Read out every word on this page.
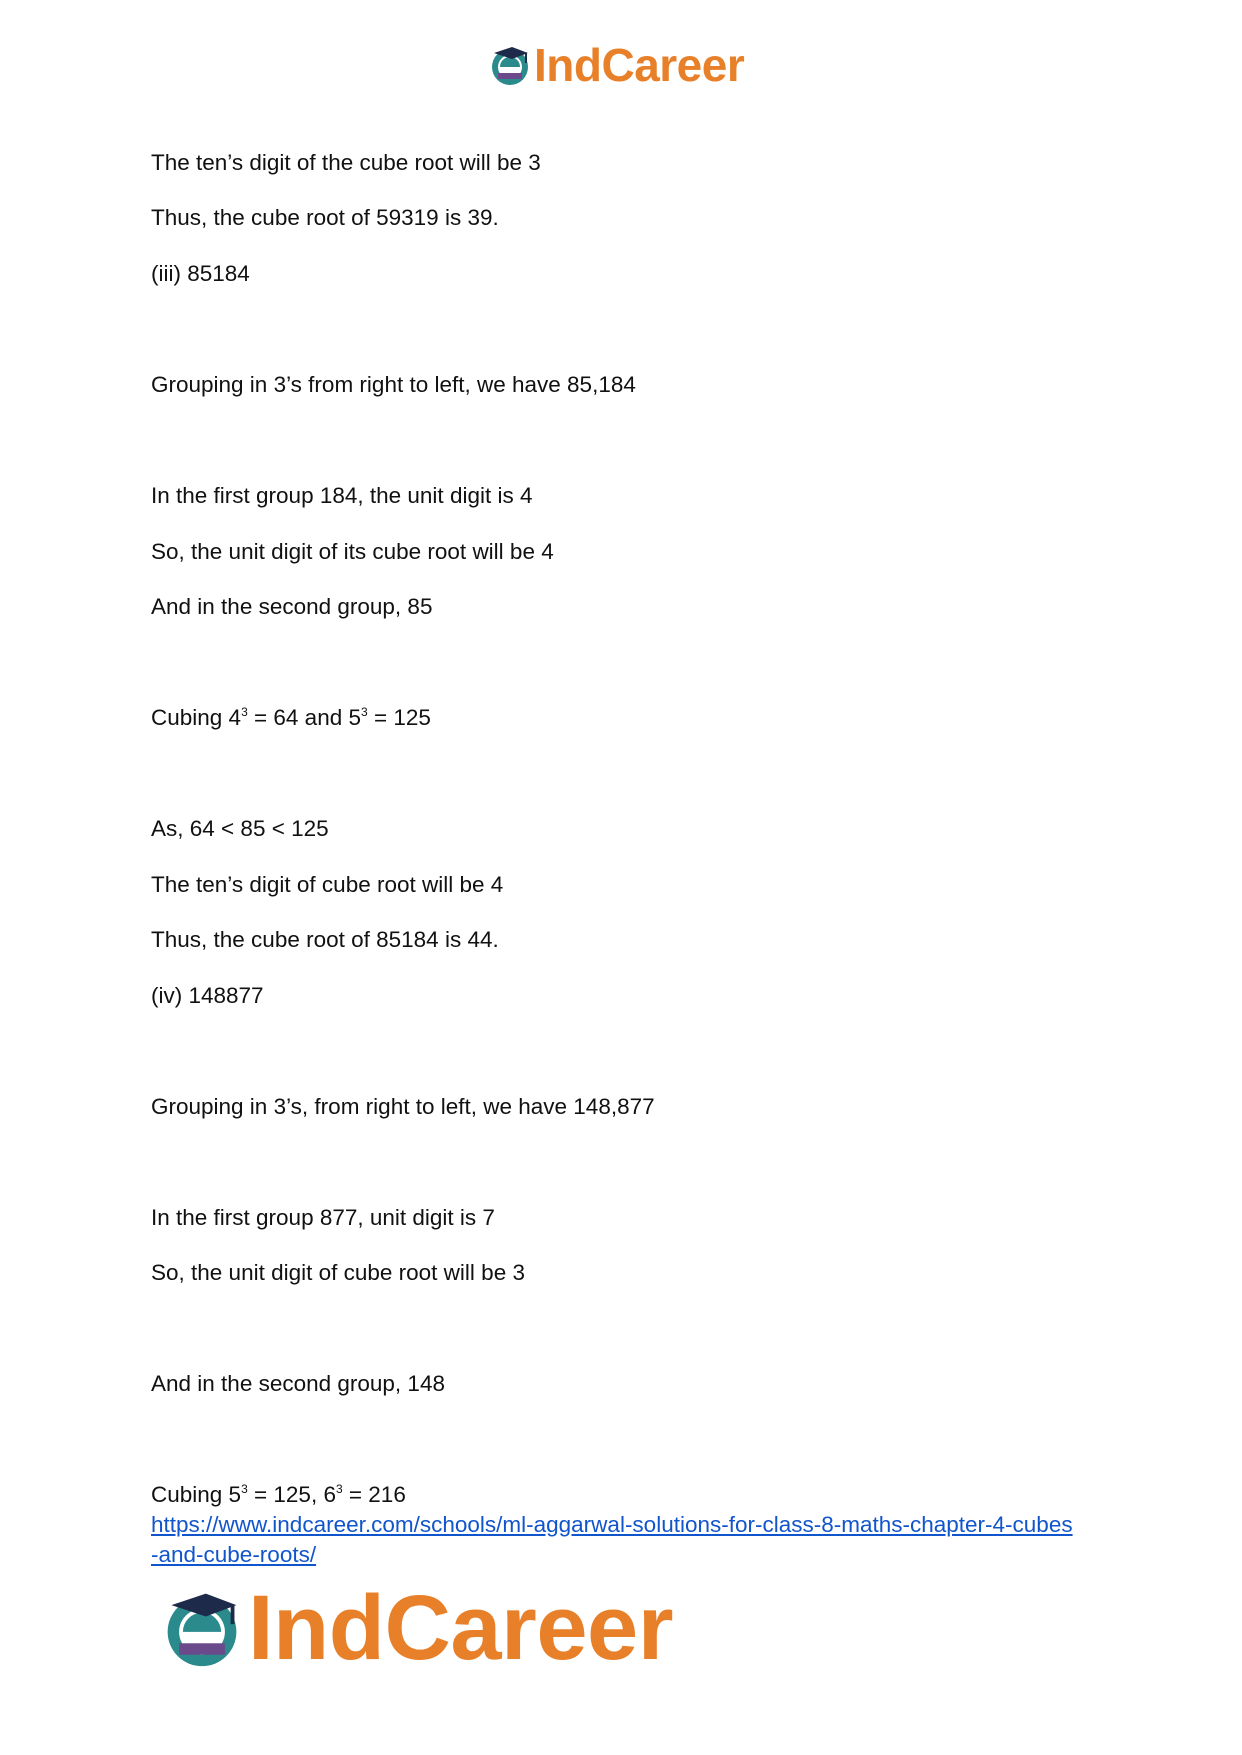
IndCareer
The ten’s digit of the cube root will be 3
Thus, the cube root of 59319 is 39.
(iii) 85184
Grouping in 3’s from right to left, we have 85,184
In the first group 184, the unit digit is 4
So, the unit digit of its cube root will be 4
And in the second group, 85
Cubing $4^3 = 64$ and $5^3 = 125$
As, 64 < 85 < 125
The ten’s digit of cube root will be 4
Thus, the cube root of 85184 is 44.
(iv) 148877
Grouping in 3’s, from right to left, we have 148,877
In the first group 877, unit digit is 7
So, the unit digit of cube root will be 3
And in the second group, 148
Cubing $5^3 = 125$, $6^3 = 216$
https://www.indcareer.com/schools/ml-aggarwal-solutions-for-class-8-maths-chapter-4-cubes
-and-cube-roots/
IndCareer
